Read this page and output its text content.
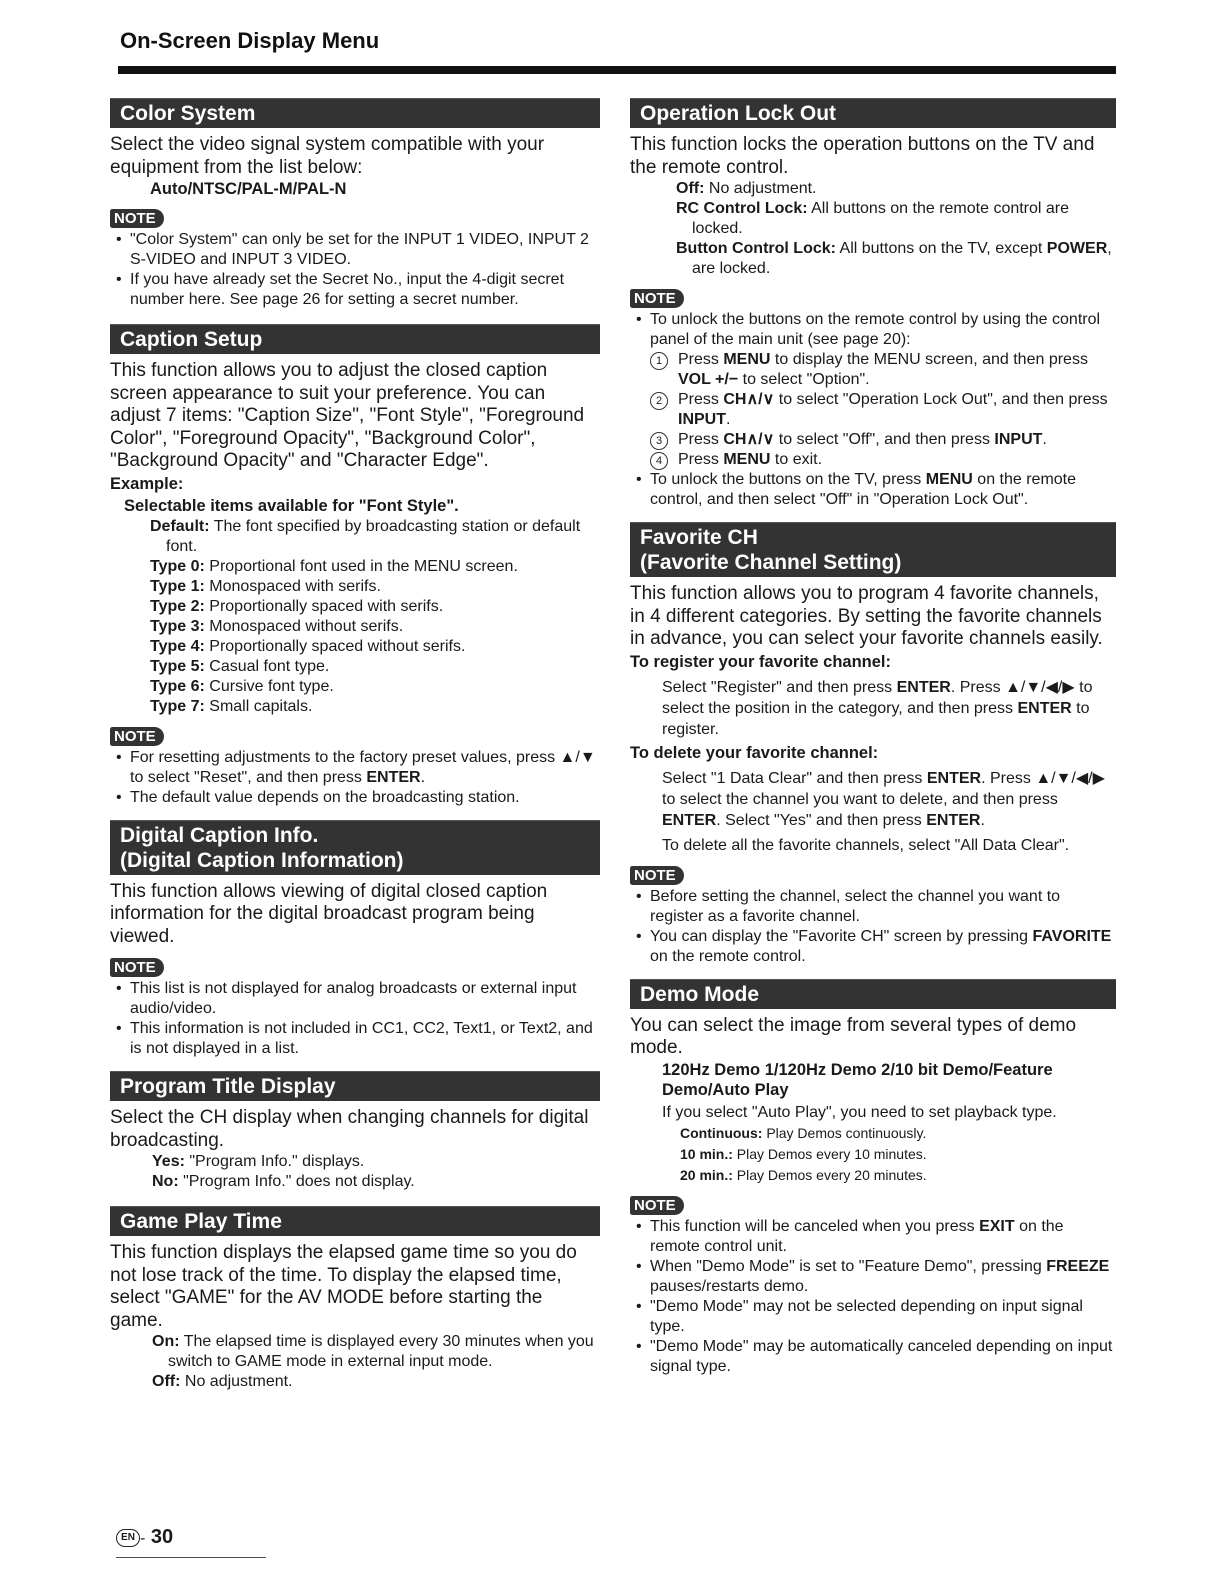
On-Screen Display Menu
Color System
Select the video signal system compatible with your equipment from the list below:
Auto/NTSC/PAL-M/PAL-N
NOTE
• "Color System" can only be set for the INPUT 1 VIDEO, INPUT 2 S-VIDEO and INPUT 3 VIDEO.
• If you have already set the Secret No., input the 4-digit secret number here. See page 26 for setting a secret number.
Caption Setup
This function allows you to adjust the closed caption screen appearance to suit your preference. You can adjust 7 items: "Caption Size", "Font Style", "Foreground Color", "Foreground Opacity", "Background Color", "Background Opacity" and "Character Edge".
Example:
Selectable items available for "Font Style".
Default: The font specified by broadcasting station or default font.
Type 0: Proportional font used in the MENU screen.
Type 1: Monospaced with serifs.
Type 2: Proportionally spaced with serifs.
Type 3: Monospaced without serifs.
Type 4: Proportionally spaced without serifs.
Type 5: Casual font type.
Type 6: Cursive font type.
Type 7: Small capitals.
NOTE
• For resetting adjustments to the factory preset values, press ▲/▼ to select "Reset", and then press ENTER.
• The default value depends on the broadcasting station.
Digital Caption Info.
(Digital Caption Information)
This function allows viewing of digital closed caption information for the digital broadcast program being viewed.
NOTE
• This list is not displayed for analog broadcasts or external input audio/video.
• This information is not included in CC1, CC2, Text1, or Text2, and is not displayed in a list.
Program Title Display
Select the CH display when changing channels for digital broadcasting.
Yes: "Program Info." displays.
No: "Program Info." does not display.
Game Play Time
This function displays the elapsed game time so you do not lose track of the time. To display the elapsed time, select "GAME" for the AV MODE before starting the game.
On: The elapsed time is displayed every 30 minutes when you switch to GAME mode in external input mode.
Off: No adjustment.
Operation Lock Out
This function locks the operation buttons on the TV and the remote control.
Off: No adjustment.
RC Control Lock: All buttons on the remote control are locked.
Button Control Lock: All buttons on the TV, except POWER, are locked.
NOTE
• To unlock the buttons on the remote control by using the control panel of the main unit (see page 20):
1 Press MENU to display the MENU screen, and then press VOL +/− to select "Option".
2 Press CH∧/∨ to select "Operation Lock Out", and then press INPUT.
3 Press CH∧/∨ to select "Off", and then press INPUT.
4 Press MENU to exit.
• To unlock the buttons on the TV, press MENU on the remote control, and then select "Off" in "Operation Lock Out".
Favorite CH
(Favorite Channel Setting)
This function allows you to program 4 favorite channels, in 4 different categories. By setting the favorite channels in advance, you can select your favorite channels easily.
To register your favorite channel:
Select "Register" and then press ENTER. Press ▲/▼/◀/▶ to select the position in the category, and then press ENTER to register.
To delete your favorite channel:
Select "1 Data Clear" and then press ENTER. Press ▲/▼/◀/▶ to select the channel you want to delete, and then press ENTER. Select "Yes" and then press ENTER.
To delete all the favorite channels, select "All Data Clear".
NOTE
• Before setting the channel, select the channel you want to register as a favorite channel.
• You can display the "Favorite CH" screen by pressing FAVORITE on the remote control.
Demo Mode
You can select the image from several types of demo mode.
120Hz Demo 1/120Hz Demo 2/10 bit Demo/Feature Demo/Auto Play
If you select "Auto Play", you need to set playback type.
Continuous: Play Demos continuously.
10 min.: Play Demos every 10 minutes.
20 min.: Play Demos every 20 minutes.
NOTE
• This function will be canceled when you press EXIT on the remote control unit.
• When "Demo Mode" is set to "Feature Demo", pressing FREEZE pauses/restarts demo.
• "Demo Mode" may not be selected depending on input signal type.
• "Demo Mode" may be automatically canceled depending on input signal type.
EN - 30
